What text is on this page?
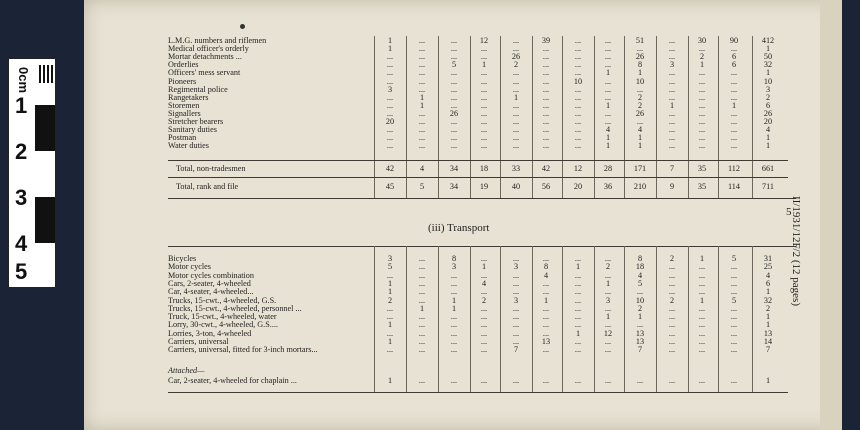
0cm
1
2
3
4
5
L.M.G. numbers and riflemen	1	...	...	12	...	39	...	...	51	...	30	90	412
Medical officer's orderly	1	...	...	...	...	...	...	...	...	...	...	...	1
Mortar detachments ...	...	...	...	...	26	...	...	...	26	...	2	6	50
Orderlies	...	...	5	1	2	...	...	...	8	3	1	6	32
Officers' mess servant	...	...	...	...	...	...	...	1	1	...	...	...	1
Pioneers	...	...	...	...	...	...	10	...	10	...	...	...	10
Regimental police	3	...	...	...	...	...	...	...	...	...	...	...	3
Rangetakers	...	1	...	...	1	...	...	...	2	...	...	...	2
Storemen	...	1	...	...	...	...	...	1	2	1	...	1	6
Signallers	...	...	26	...	...	...	...	...	26	...	...	...	26
Stretcher bearers	20	...	...	...	...	...	...	...	...	...	...	...	20
Sanitary duties	...	...	...	...	...	...	...	4	4	...	...	...	4
Postman	...	...	...	...	...	...	...	1	1	...	...	...	1
Water duties	...	...	...	...	...	...	...	1	1	...	...	...	1
Total, non-tradesmen	42	4	34	18	33	42	12	28	171	7	35	112	661
Total, rank and file	45	5	34	19	40	56	20	36	210	9	35	114	711
(iii) Transport
Bicycles	3	...	8	...	...	...	...	...	8	2	1	5	31
Motor cycles	5	...	3	1	3	8	1	2	18	...	...	...	25
Motor cycles combination	...	...	...	...	...	4	...	...	4	...	...	...	4
Cars, 2-seater, 4-wheeled	1	...	...	4	...	...	...	1	5	...	...	...	6
Car, 4-seater, 4-wheeled...	1	...	...	...	...	...	...	...	...	...	...	...	1
Trucks, 15-cwt., 4-wheeled, G.S.	2	...	1	2	3	1	...	3	10	2	1	5	32
Trucks, 15-cwt., 4-wheeled, personnel ...	...	1	1	...	...	...	...	...	2	...	...	...	2
Truck, 15-cwt., 4-wheeled, water	...	...	...	...	...	...	...	1	1	...	...	...	1
Lorry, 30-cwt., 4-wheeled, G.S....	1	...	...	...	...	...	...	...	...	...	...	...	1
Lorries, 3-ton, 4-wheeled	...	...	...	...	...	...	1	12	13	...	...	...	13
Carriers, universal	1	...	...	...	...	13	...	...	13	...	...	...	14
Carriers, universal, fitted for 3-inch mortars...	...	...	...	...	7	...	...	...	7	...	...	...	7
Car, 2-seater, 4-wheeled for chaplain ...	1	...	...	...	...	...	...	...	...	...	...	...	1
Attached—
II/1931/12F/2 (12 pages)
5
